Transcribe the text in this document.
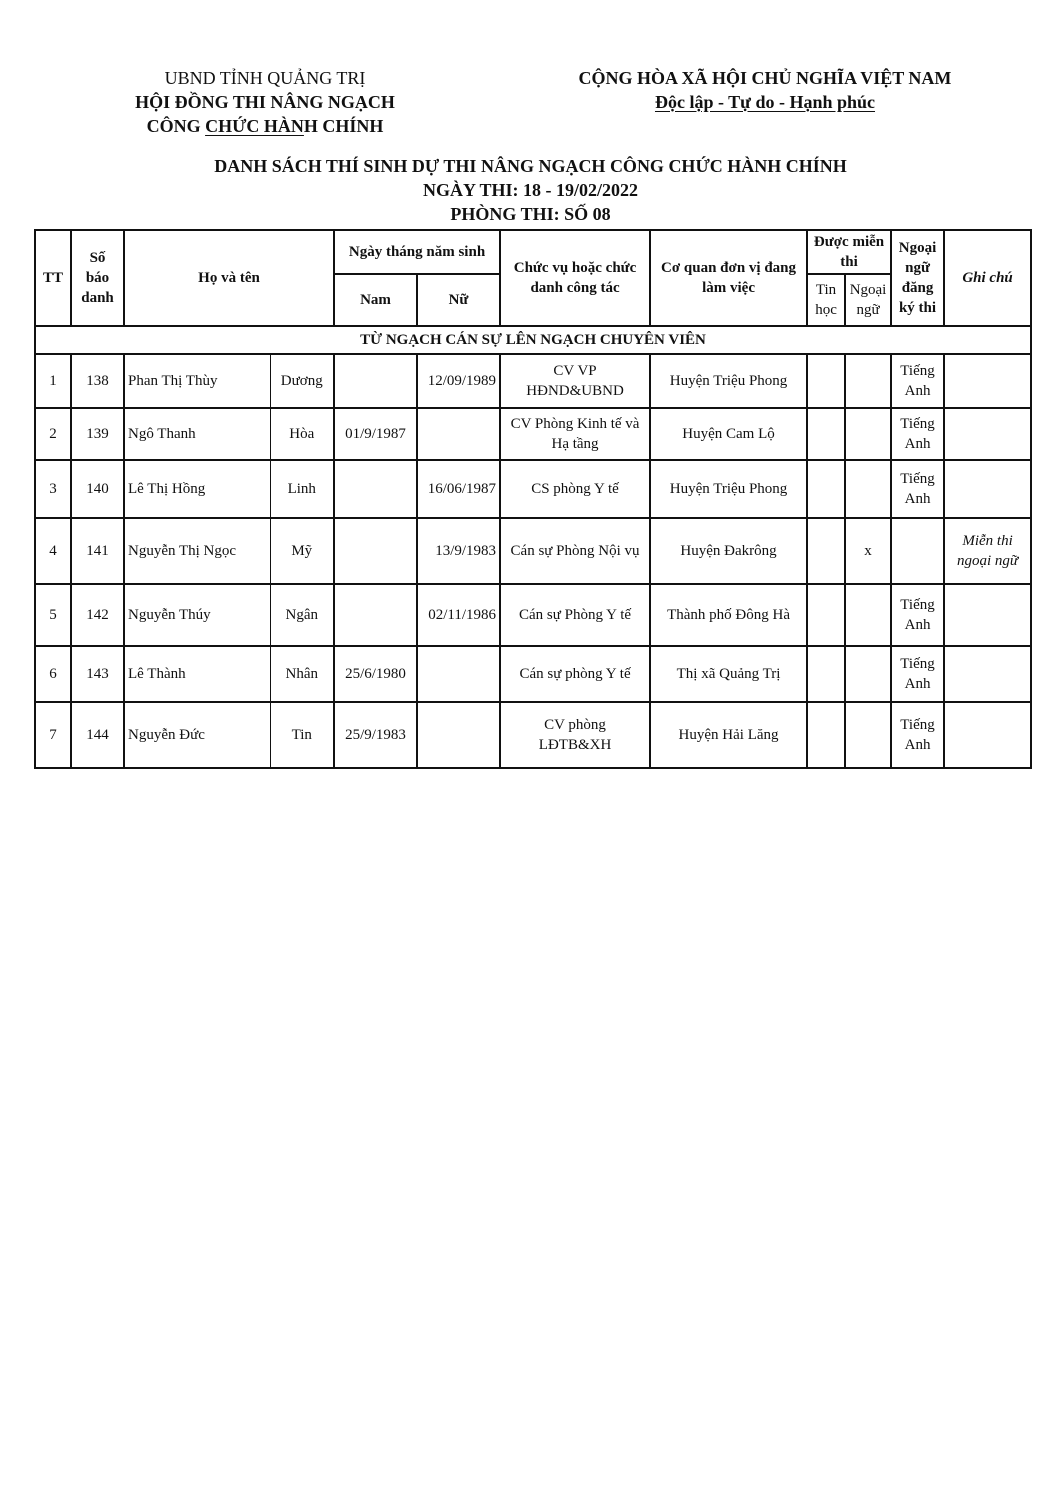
UBND TỈNH QUẢNG TRỊ
HỘI ĐỒNG THI NÂNG NGẠCH
CÔNG CHỨC HÀNH CHÍNH
CỘNG HÒA XÃ HỘI CHỦ NGHĨA VIỆT NAM
Độc lập - Tự do - Hạnh phúc
DANH SÁCH THÍ SINH DỰ THI NÂNG NGẠCH CÔNG CHỨC HÀNH CHÍNH
NGÀY THI: 18 - 19/02/2022
PHÒNG THI: SỐ 08
TT	Số
báo
danh	Họ và tên		Ngày tháng năm sinh		Chức vụ hoặc chức
danh công tác	Cơ quan đơn vị đang
làm việc	Được miễn
thi		Ngoại
ngữ
đăng
ký thi	Ghi chú
				Nam	Nữ			Tin
học	Ngoại
ngữ		
TỪ NGẠCH CÁN SỰ LÊN NGẠCH CHUYÊN VIÊN											
1	138	Phan Thị Thùy	Dương		12/09/1989	CV VP
HĐND&UBND	Huyện Triệu Phong			Tiếng
Anh	
2	139	Ngô Thanh	Hòa	01/9/1987		CV Phòng Kinh tế và
Hạ tầng	Huyện Cam Lộ			Tiếng
Anh	
3	140	Lê Thị Hồng	Linh		16/06/1987	CS phòng Y tế	Huyện Triệu Phong			Tiếng
Anh	
4	141	Nguyễn Thị Ngọc	Mỹ		13/9/1983	Cán sự Phòng Nội vụ	Huyện Đakrông		x		Miễn thi
ngoại ngữ
5	142	Nguyễn Thúy	Ngân		02/11/1986	Cán sự Phòng Y tế	Thành phố Đông Hà			Tiếng
Anh	
6	143	Lê Thành	Nhân	25/6/1980		Cán sự phòng Y tế	Thị xã Quảng Trị			Tiếng
Anh	
7	144	Nguyễn Đức	Tin	25/9/1983		CV phòng
LĐTB&XH	Huyện Hải Lăng			Tiếng
Anh	
